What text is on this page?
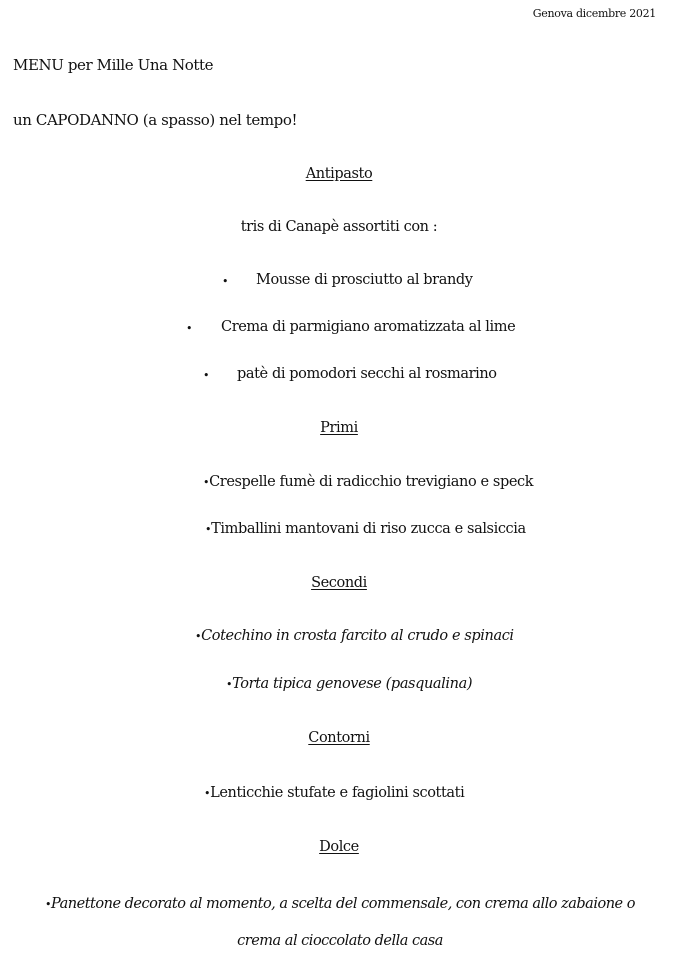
Genova dicembre 2021
MENU per Mille Una Notte
un CAPODANNO (a spasso) nel tempo!
Antipasto
tris di Canapè assortiti con :
• Mousse di prosciutto al brandy
• Crema di parmigiano aromatizzata al lime
• patè di pomodori secchi al rosmarino
Primi
•Crespelle fumè di radicchio trevigiano e speck
•Timballini mantovani di riso zucca e salsiccia
Secondi
•Cotechino in crosta farcito al crudo e spinaci
•Torta tipica genovese (pasqualina)
Contorni
•Lenticchie stufate e fagiolini scottati
Dolce
•Panettone decorato al momento, a scelta del commensale, con crema allo zabaione o crema al cioccolato della casa
